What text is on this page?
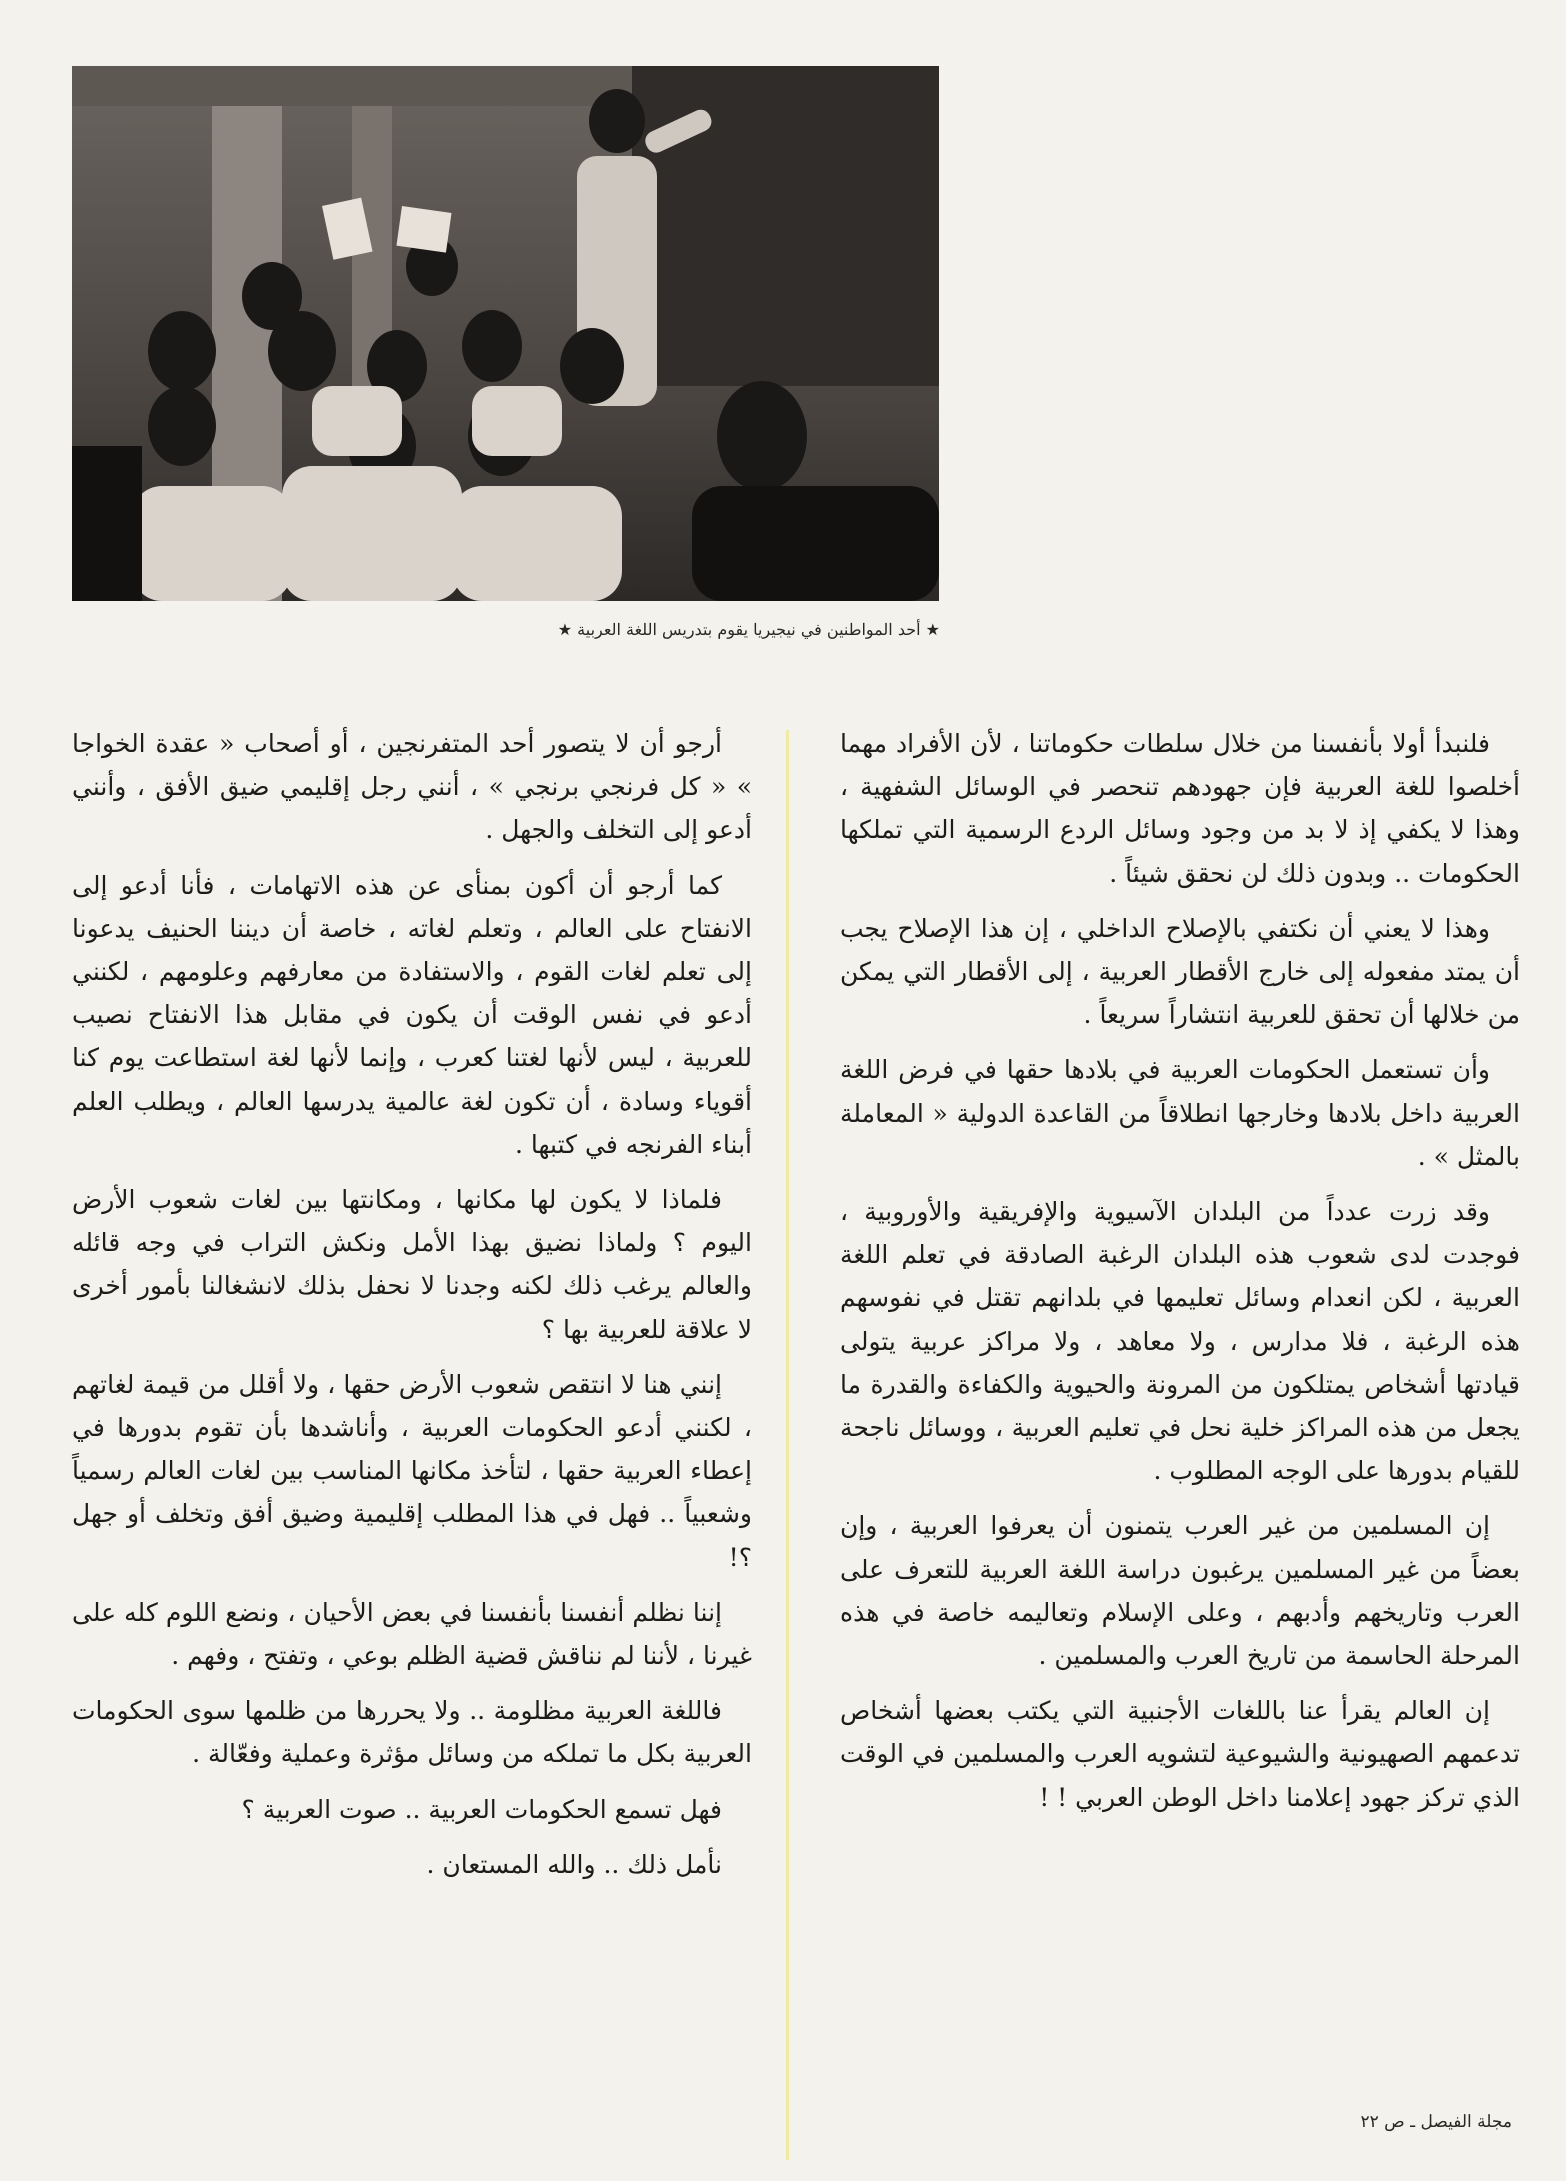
★ أحد المواطنين في نيجيريا يقوم بتدريس اللغة العربية ★

فلنبدأ أولا بأنفسنا من خلال سلطات حكوماتنا ، لأن الأفراد مهما أخلصوا للغة العربية فإن جهودهم تنحصر في الوسائل الشفهية ، وهذا لا يكفي إذ لا بد من وجود وسائل الردع الرسمية التي تملكها الحكومات .. وبدون ذلك لن نحقق شيئاً .

وهذا لا يعني أن نكتفي بالإصلاح الداخلي ، إن هذا الإصلاح يجب أن يمتد مفعوله إلى خارج الأقطار العربية ، إلى الأقطار التي يمكن من خلالها أن تحقق للعربية انتشاراً سريعاً .

وأن تستعمل الحكومات العربية في بلادها حقها في فرض اللغة العربية داخل بلادها وخارجها انطلاقاً من القاعدة الدولية « المعاملة بالمثل » .

وقد زرت عدداً من البلدان الآسيوية والإفريقية والأوروبية ، فوجدت لدى شعوب هذه البلدان الرغبة الصادقة في تعلم اللغة العربية ، لكن انعدام وسائل تعليمها في بلدانهم تقتل في نفوسهم هذه الرغبة ، فلا مدارس ، ولا معاهد ، ولا مراكز عربية يتولى قيادتها أشخاص يمتلكون من المرونة والحيوية والكفاءة والقدرة ما يجعل من هذه المراكز خلية نحل في تعليم العربية ، ووسائل ناجحة للقيام بدورها على الوجه المطلوب .

إن المسلمين من غير العرب يتمنون أن يعرفوا العربية ، وإن بعضاً من غير المسلمين يرغبون دراسة اللغة العربية للتعرف على العرب وتاريخهم وأدبهم ، وعلى الإسلام وتعاليمه خاصة في هذه المرحلة الحاسمة من تاريخ العرب والمسلمين .

إن العالم يقرأ عنا باللغات الأجنبية التي يكتب بعضها أشخاص تدعمهم الصهيونية والشيوعية لتشويه العرب والمسلمين في الوقت الذي تركز جهود إعلامنا داخل الوطن العربي ! !

أرجو أن لا يتصور أحد المتفرنجين ، أو أصحاب « عقدة الخواجا » « كل فرنجي برنجي » ، أنني رجل إقليمي ضيق الأفق ، وأنني أدعو إلى التخلف والجهل .

كما أرجو أن أكون بمنأى عن هذه الاتهامات ، فأنا أدعو إلى الانفتاح على العالم ، وتعلم لغاته ، خاصة أن ديننا الحنيف يدعونا إلى تعلم لغات القوم ، والاستفادة من معارفهم وعلومهم ، لكنني أدعو في نفس الوقت أن يكون في مقابل هذا الانفتاح نصيب للعربية ، ليس لأنها لغتنا كعرب ، وإنما لأنها لغة استطاعت يوم كنا أقوياء وسادة ، أن تكون لغة عالمية يدرسها العالم ، ويطلب العلم أبناء الفرنجه في كتبها .

فلماذا لا يكون لها مكانها ، ومكانتها بين لغات شعوب الأرض اليوم ؟ ولماذا نضيق بهذا الأمل ونكش التراب في وجه قائله والعالم يرغب ذلك لكنه وجدنا لا نحفل بذلك لانشغالنا بأمور أخرى لا علاقة للعربية بها ؟

إنني هنا لا انتقص شعوب الأرض حقها ، ولا أقلل من قيمة لغاتهم ، لكنني أدعو الحكومات العربية ، وأناشدها بأن تقوم بدورها في إعطاء العربية حقها ، لتأخذ مكانها المناسب بين لغات العالم رسمياً وشعبياً .. فهل في هذا المطلب إقليمية وضيق أفق وتخلف أو جهل ؟!

إننا نظلم أنفسنا بأنفسنا في بعض الأحيان ، ونضع اللوم كله على غيرنا ، لأننا لم نناقش قضية الظلم بوعي ، وتفتح ، وفهم .

فاللغة العربية مظلومة .. ولا يحررها من ظلمها سوى الحكومات العربية بكل ما تملكه من وسائل مؤثرة وعملية وفعّالة .

فهل تسمع الحكومات العربية .. صوت العربية ؟

نأمل ذلك .. والله المستعان .

مجلة الفيصل ـ ص ٢٢
